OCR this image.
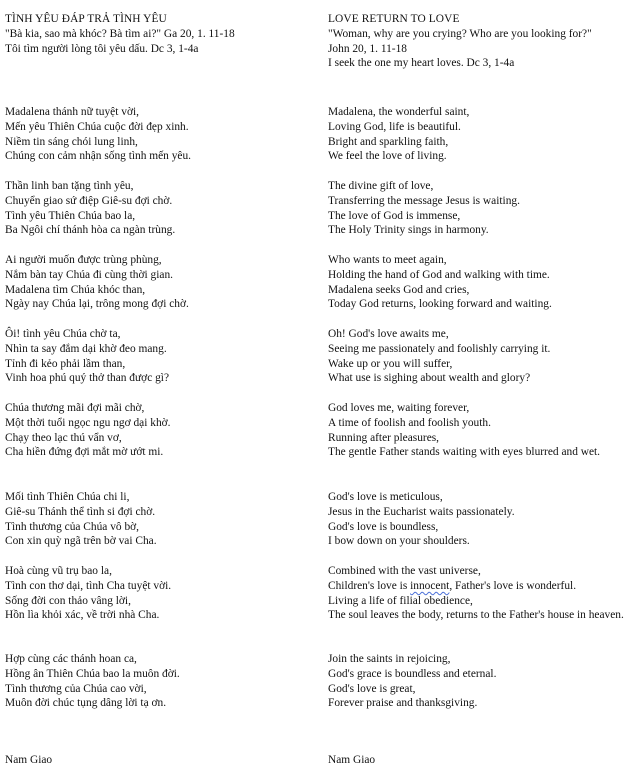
TÌNH YÊU ĐÁP TRẢ TÌNH YÊU
"Bà kia, sao mà khóc? Bà tìm ai?" Ga 20, 1. 11-18
Tôi tìm người lòng tôi yêu dấu. Dc 3, 1-4a
Madalena thánh nữ tuyệt vời,
Mến yêu Thiên Chúa cuộc đời đẹp xinh.
Niềm tin sáng chói lung linh,
Chúng con cảm nhận sống tình mến yêu.
Thần linh ban tặng tình yêu,
Chuyển giao sứ điệp Giê-su đợi chờ.
Tình yêu Thiên Chúa bao la,
Ba Ngôi chí thánh hòa ca ngàn trùng.
Ai người muốn được trùng phùng,
Nắm bàn tay Chúa đi cùng thời gian.
Madalena tìm Chúa khóc than,
Ngày nay Chúa lại, trông mong đợi chờ.
Ôi! tình yêu Chúa chờ ta,
Nhìn ta say đắm dại khờ đeo mang.
Tỉnh đi kẻo phải lầm than,
Vinh hoa phú quý thở than được gì?
Chúa thương mãi đợi mãi chờ,
Một thời tuổi ngọc ngu ngơ dại khờ.
Chạy theo lạc thú vẩn vơ,
Cha hiền đứng đợi mắt mờ ướt mi.
Mối tình Thiên Chúa chi li,
Giê-su Thánh thể tình si đợi chờ.
Tình thương của Chúa vô bờ,
Con xin quỳ ngã trên bờ vai Cha.
Hoà cùng vũ trụ bao la,
Tình con thơ dại, tình Cha tuyệt vời.
Sống đời con thảo vâng lời,
Hồn lìa khỏi xác, về trời nhà Cha.
Hợp cùng các thánh hoan ca,
Hồng ân Thiên Chúa bao la muôn đời.
Tình thương của Chúa cao vời,
Muôn đời chúc tụng dâng lời tạ ơn.
LOVE RETURN TO LOVE
"Woman, why are you crying? Who are you looking for?"
John 20, 1. 11-18
I seek the one my heart loves. Dc 3, 1-4a
Madalena, the wonderful saint,
Loving God, life is beautiful.
Bright and sparkling faith,
We feel the love of living.
The divine gift of love,
Transferring the message Jesus is waiting.
The love of God is immense,
The Holy Trinity sings in harmony.
Who wants to meet again,
Holding the hand of God and walking with time.
Madalena seeks God and cries,
Today God returns, looking forward and waiting.
Oh! God's love awaits me,
Seeing me passionately and foolishly carrying it.
Wake up or you will suffer,
What use is sighing about wealth and glory?
God loves me, waiting forever,
A time of foolish and foolish youth.
Running after pleasures,
The gentle Father stands waiting with eyes blurred and wet.
God's love is meticulous,
Jesus in the Eucharist waits passionately.
God's love is boundless,
I bow down on your shoulders.
Combined with the vast universe,
Children's love is innocent, Father's love is wonderful.
Living a life of filial obedience,
The soul leaves the body, returns to the Father's house in heaven.
Join the saints in rejoicing,
God's grace is boundless and eternal.
God's love is great,
Forever praise and thanksgiving.
Nam Giao	Nam Giao
